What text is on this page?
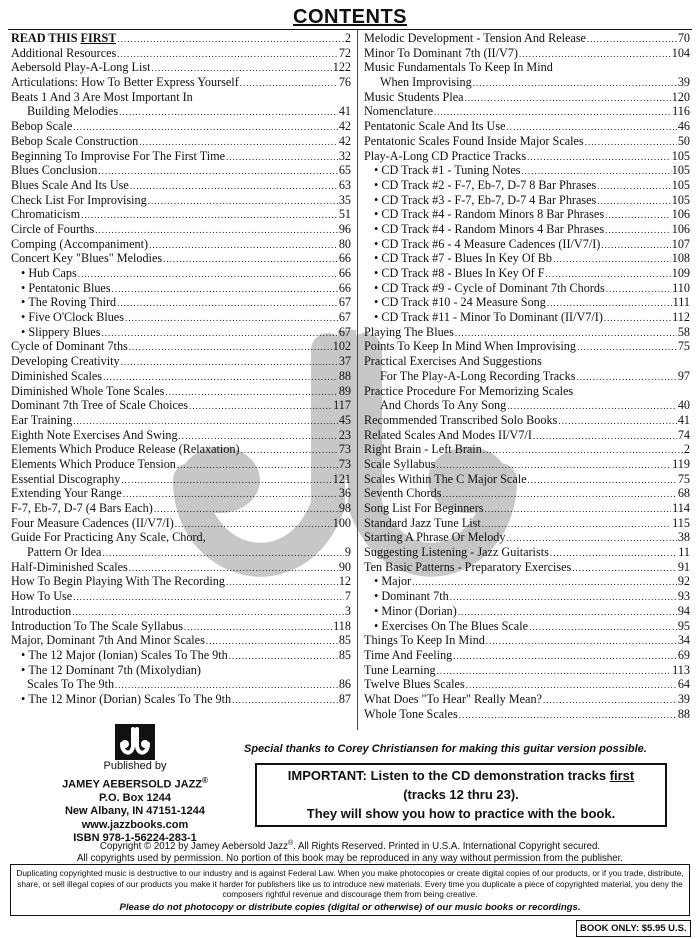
CONTENTS
READ THIS FIRST .....	2
Additional Resources .....	72
Aebersold Play-A-Long List .....	122
Articulations: How To Better Express Yourself .....	76
Beats 1 And 3 Are Most Important In
Building Melodies .....	41
Bebop Scale .....	42
Bebop Scale Construction .....	42
Beginning To Improvise For The First Time .....	32
Blues Conclusion .....	65
Blues Scale And Its Use .....	63
Check List For Improvising .....	35
Chromaticism .....	51
Circle of Fourths .....	96
Comping (Accompaniment) .....	80
Concert Key "Blues" Melodies .....	66
• Hub Caps .....	66
• Pentatonic Blues .....	66
• The Roving Third .....	67
• Five O'Clock Blues .....	67
• Slippery Blues .....	67
Cycle of Dominant 7ths .....	102
Developing Creativity .....	37
Diminished Scales .....	88
Diminished Whole Tone Scales .....	89
Dominant 7th Tree of Scale Choices .....	117
Ear Training .....	45
Eighth Note Exercises And Swing .....	23
Elements Which Produce Release (Relaxation) .....	73
Elements Which Produce Tension .....	73
Essential Discography .....	121
Extending Your Range .....	36
F-7, Eb-7, D-7 (4 Bars Each) .....	98
Four Measure Cadences (II/V7/I) .....	100
Guide For Practicing Any Scale, Chord,
Pattern Or Idea .....	9
Half-Diminished Scales .....	90
How To Begin Playing With The Recording .....	12
How To Use .....	7
Introduction .....	3
Introduction To The Scale Syllabus .....	118
Major, Dominant 7th And Minor Scales .....	85
• The 12 Major (Ionian) Scales To The 9th .....	85
• The 12 Dominant 7th (Mixolydian)
Scales To The 9th .....	86
• The 12 Minor (Dorian) Scales To The 9th .....	87
Melodic Development - Tension And Release .....	70
Minor To Dominant 7th (II/V7) .....	104
Music Fundamentals To Keep In Mind
When Improvising .....	39
Music Students Plea .....	120
Nomenclature .....	116
Pentatonic Scale And Its Use .....	46
Pentatonic Scales Found Inside Major Scales .....	50
Play-A-Long CD Practice Tracks .....	105
• CD Track #1 - Tuning Notes .....	105
• CD Track #2 - F-7, Eb-7, D-7 8 Bar Phrases .....	105
• CD Track #3 - F-7, Eb-7, D-7 4 Bar Phrases .....	105
• CD Track #4 - Random Minors 8 Bar Phrases .....	106
• CD Track #4 - Random Minors 4 Bar Phrases .....	106
• CD Track #6 - 4 Measure Cadences (II/V7/I) .....	107
• CD Track #7 - Blues In Key Of Bb .....	108
• CD Track #8 - Blues In Key Of F .....	109
• CD Track #9 - Cycle of Dominant 7th Chords .....	110
• CD Track #10 - 24 Measure Song .....	111
• CD Track #11 - Minor To Dominant (II/V7/I) .....	112
Playing The Blues .....	58
Points To Keep In Mind When Improvising .....	75
Practical Exercises And Suggestions
For The Play-A-Long Recording Tracks .....	97
Practice Procedure For Memorizing Scales
And Chords To Any Song .....	40
Recommended Transcribed Solo Books .....	41
Related Scales And Modes II/V7/I .....	74
Right Brain - Left Brain .....	2
Scale Syllabus .....	119
Scales Within The C Major Scale .....	75
Seventh Chords .....	68
Song List For Beginners .....	114
Standard Jazz Tune List .....	115
Starting A Phrase Or Melody .....	38
Suggesting Listening - Jazz Guitarists .....	11
Ten Basic Patterns - Preparatory Exercises .....	91
• Major .....	92
• Dominant 7th .....	93
• Minor (Dorian) .....	94
• Exercises On The Blues Scale .....	95
Things To Keep In Mind .....	34
Time And Feeling .....	69
Tune Learning .....	113
Twelve Blues Scales .....	64
What Does "To Hear" Really Mean? .....	39
Whole Tone Scales .....	88
Published by
JAMEY AEBERSOLD JAZZ®
P.O. Box 1244
New Albany, IN 47151-1244
www.jazzbooks.com
ISBN 978-1-56224-283-1
Special thanks to Corey Christiansen for making this guitar version possible.
IMPORTANT: Listen to the CD demonstration tracks first
(tracks 12 thru 23).
They will show you how to practice with the book.
Copyright © 2012 by Jamey Aebersold Jazz®. All Rights Reserved. Printed in U.S.A. International Copyright secured.
All copyrights used by permission. No portion of this book may be reproduced in any way without permission from the publisher.
Duplicating copyrighted music is destructive to our industry and is against Federal Law. When you make photocopies or create digital copies of our products, or if you trade, distribute, share, or sell illegal copies of our products you make it harder for publishers like us to introduce new materials. Every time you duplicate a piece of copyrighted material, you deny the composers rightful revenue and discourage them from being creative.
Please do not photocopy or distribute copies (digital or otherwise) of our music books or recordings.
BOOK ONLY: $5.95 U.S.
